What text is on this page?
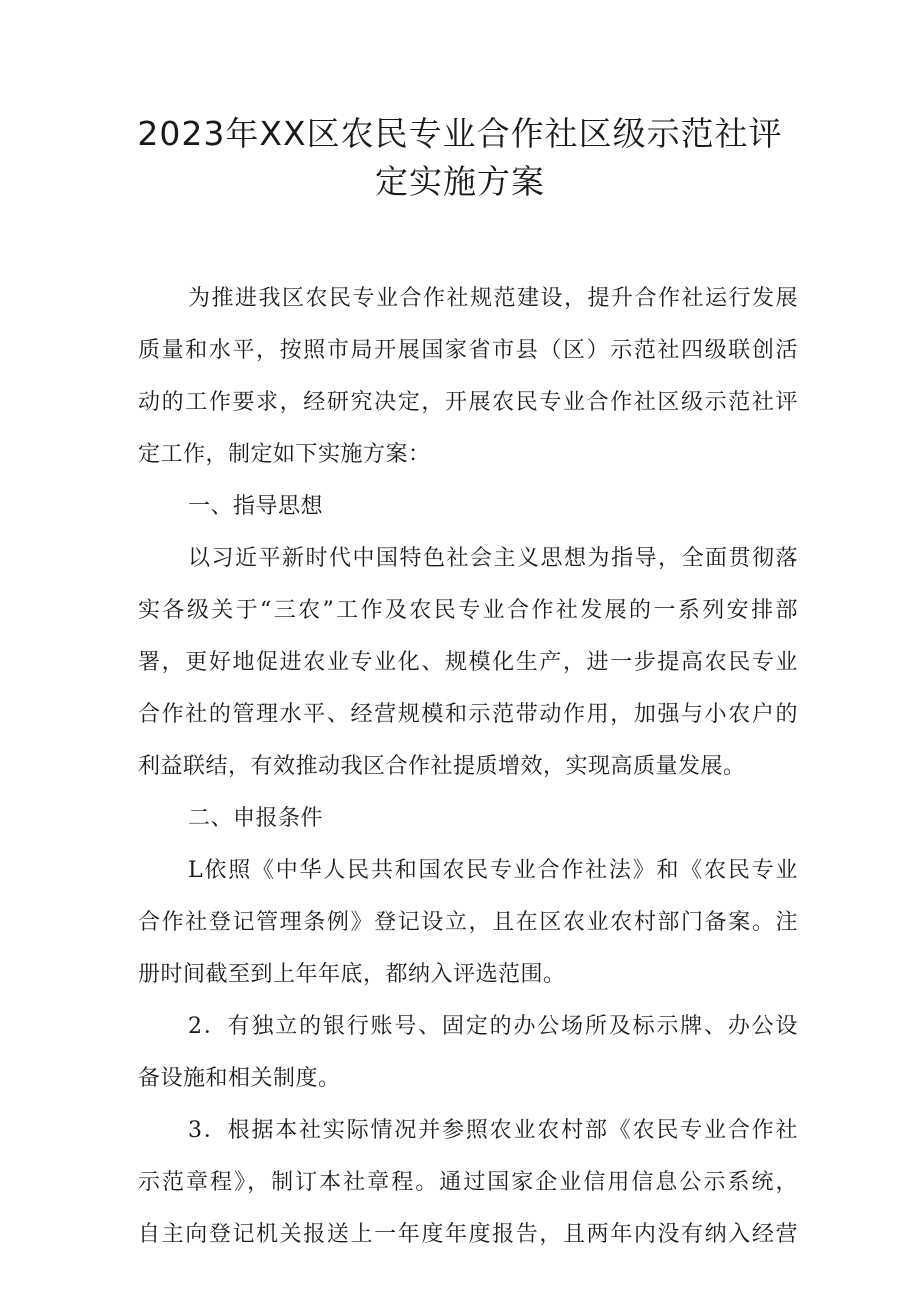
2023年XX区农民专业合作社区级示范社评
定实施方案
为推进我区农民专业合作社规范建设，提升合作社运行发展
质量和水平，按照市局开展国家省市县（区）示范社四级联创活
动的工作要求，经研究决定，开展农民专业合作社区级示范社评
定工作，制定如下实施方案：
一、指导思想
以习近平新时代中国特色社会主义思想为指导，全面贯彻落
实各级关于“三农”工作及农民专业合作社发展的一系列安排部
署，更好地促进农业专业化、规模化生产，进一步提高农民专业
合作社的管理水平、经营规模和示范带动作用，加强与小农户的
利益联结，有效推动我区合作社提质增效，实现高质量发展。
二、申报条件
L依照《中华人民共和国农民专业合作社法》和《农民专业
合作社登记管理条例》登记设立，且在区农业农村部门备案。注
册时间截至到上年年底，都纳入评选范围。
2．有独立的银行账号、固定的办公场所及标示牌、办公设
备设施和相关制度。
3．根据本社实际情况并参照农业农村部《农民专业合作社
示范章程》，制订本社章程。通过国家企业信用信息公示系统，
自主向登记机关报送上一年度年度报告，且两年内没有纳入经营
